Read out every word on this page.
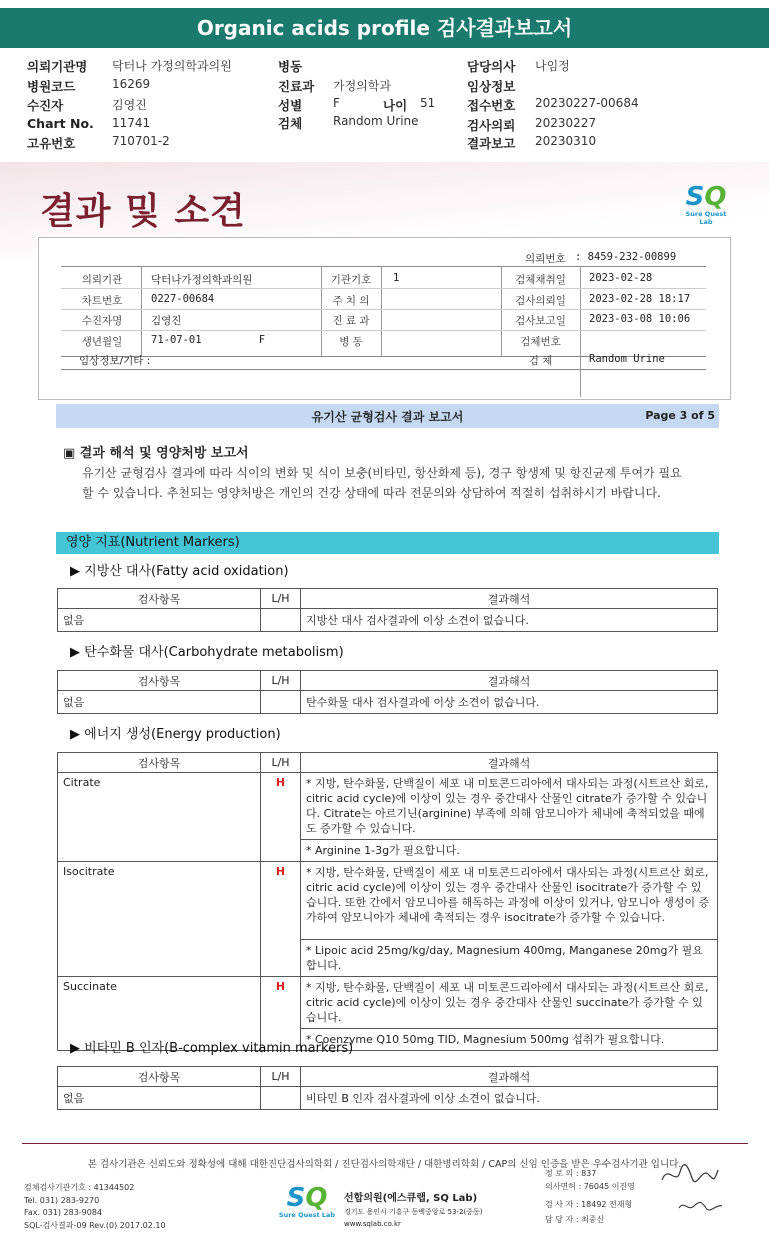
Organic acids profile 검사결과보고서
의뢰기관명 닥터나 가정의학과의원
병원코드	16269
수진자	김영진
Chart No. 11741
고유번호	710701-2
병동
진료과 가정의학과
성별	F	나이 51
검체	Random Urine
담당의사 나임정
임상정보
접수번호 20230227-00684
검사의뢰 20230227
결과보고 20230310
결과 및 소견	SQ
Sure Quest Lab
의뢰번호 : 8459-232-00899
의뢰기관	닥터나가정의학과의원	기관기호	1	검체채취일	2023-02-28
차트번호	0227-00684	주 치 의	검사의뢰일	2023-02-28 18:17
수진자명	김영진	진 료 과	검사보고일	2023-03-08 10:06
생년월일	71-07-01	F	병 동	검체번호
임상정보/기타 :	검 체	Random Urine
유기산 균형검사 결과 보고서	Page 3 of 5
▣ 결과 해석 및 영양처방 보고서
유기산 균형검사 결과에 따라 식이의 변화 및 식이 보충(비타민, 항산화제 등), 경구 항생제 및 항진균제 투여가 필요할 수 있습니다. 추천되는 영양처방은 개인의 건강 상태에 따라 전문의와 상담하여 적절히 섭취하시기 바랍니다.
영양 지표(Nutrient Markers)
▶ 지방산 대사(Fatty acid oxidation)
검사항목	L/H	결과해석
없음		지방산 대사 검사결과에 이상 소견이 없습니다.
▶ 탄수화물 대사(Carbohydrate metabolism)
검사항목	L/H	결과해석
없음		탄수화물 대사 검사결과에 이상 소견이 없습니다.
▶ 에너지 생성(Energy production)
검사항목	L/H	결과해석
Citrate	H	* 지방, 탄수화물, 단백질이 세포 내 미토콘드리아에서 대사되는 과정(시트르산 회로, citric acid cycle)에 이상이 있는 경우 중간대사 산물인 citrate가 증가할 수 있습니다. Citrate는 아르기닌(arginine) 부족에 의해 암모니아가 체내에 축적되었을 때에도 증가할 수 있습니다.
		* Arginine 1-3g가 필요합니다.
Isocitrate	H	* 지방, 탄수화물, 단백질이 세포 내 미토콘드리아에서 대사되는 과정(시트르산 회로, citric acid cycle)에 이상이 있는 경우 중간대사 산물인 isocitrate가 증가할 수 있습니다. 또한 간에서 암모니아를 해독하는 과정에 이상이 있거나, 암모니아 생성이 증가하여 암모니아가 체내에 축적되는 경우 isocitrate가 증가할 수 있습니다.
		* Lipoic acid 25mg/kg/day, Magnesium 400mg, Manganese 20mg가 필요합니다.
Succinate	H	* 지방, 탄수화물, 단백질이 세포 내 미토콘드리아에서 대사되는 과정(시트르산 회로, citric acid cycle)에 이상이 있는 경우 중간대사 산물인 succinate가 증가할 수 있습니다.
		* Coenzyme Q10 50mg TID, Magnesium 500mg 섭취가 필요합니다.
▶ 비타민 B 인자(B-complex vitamin markers)
검사항목	L/H	결과해석
없음		비타민 B 인자 검사결과에 이상 소견이 없습니다.
본 검사기관은 신뢰도와 정확성에 대해 대한진단검사의학회 / 진단검사의학재단 / 대한병리학회 / CAP의 신임 인증을 받은 우수검사기관 입니다.
검체검사기관기호 : 41344502
Tel. 031) 283-9270
Fax. 031) 283-9084
SQL-검사결과-09 Rev.(0) 2017.02.10
SQ
Sure Quest Lab
선합의원(에스큐랩, SQ Lab)
경기도 용인시 기흥구 동백중앙로 53-2(중동)
www.sqlab.co.kr
정 로 의 : 837
의사면허 : 76045 이진영
검 사 자 : 18492 전재형
담 당 자 : 최중신
